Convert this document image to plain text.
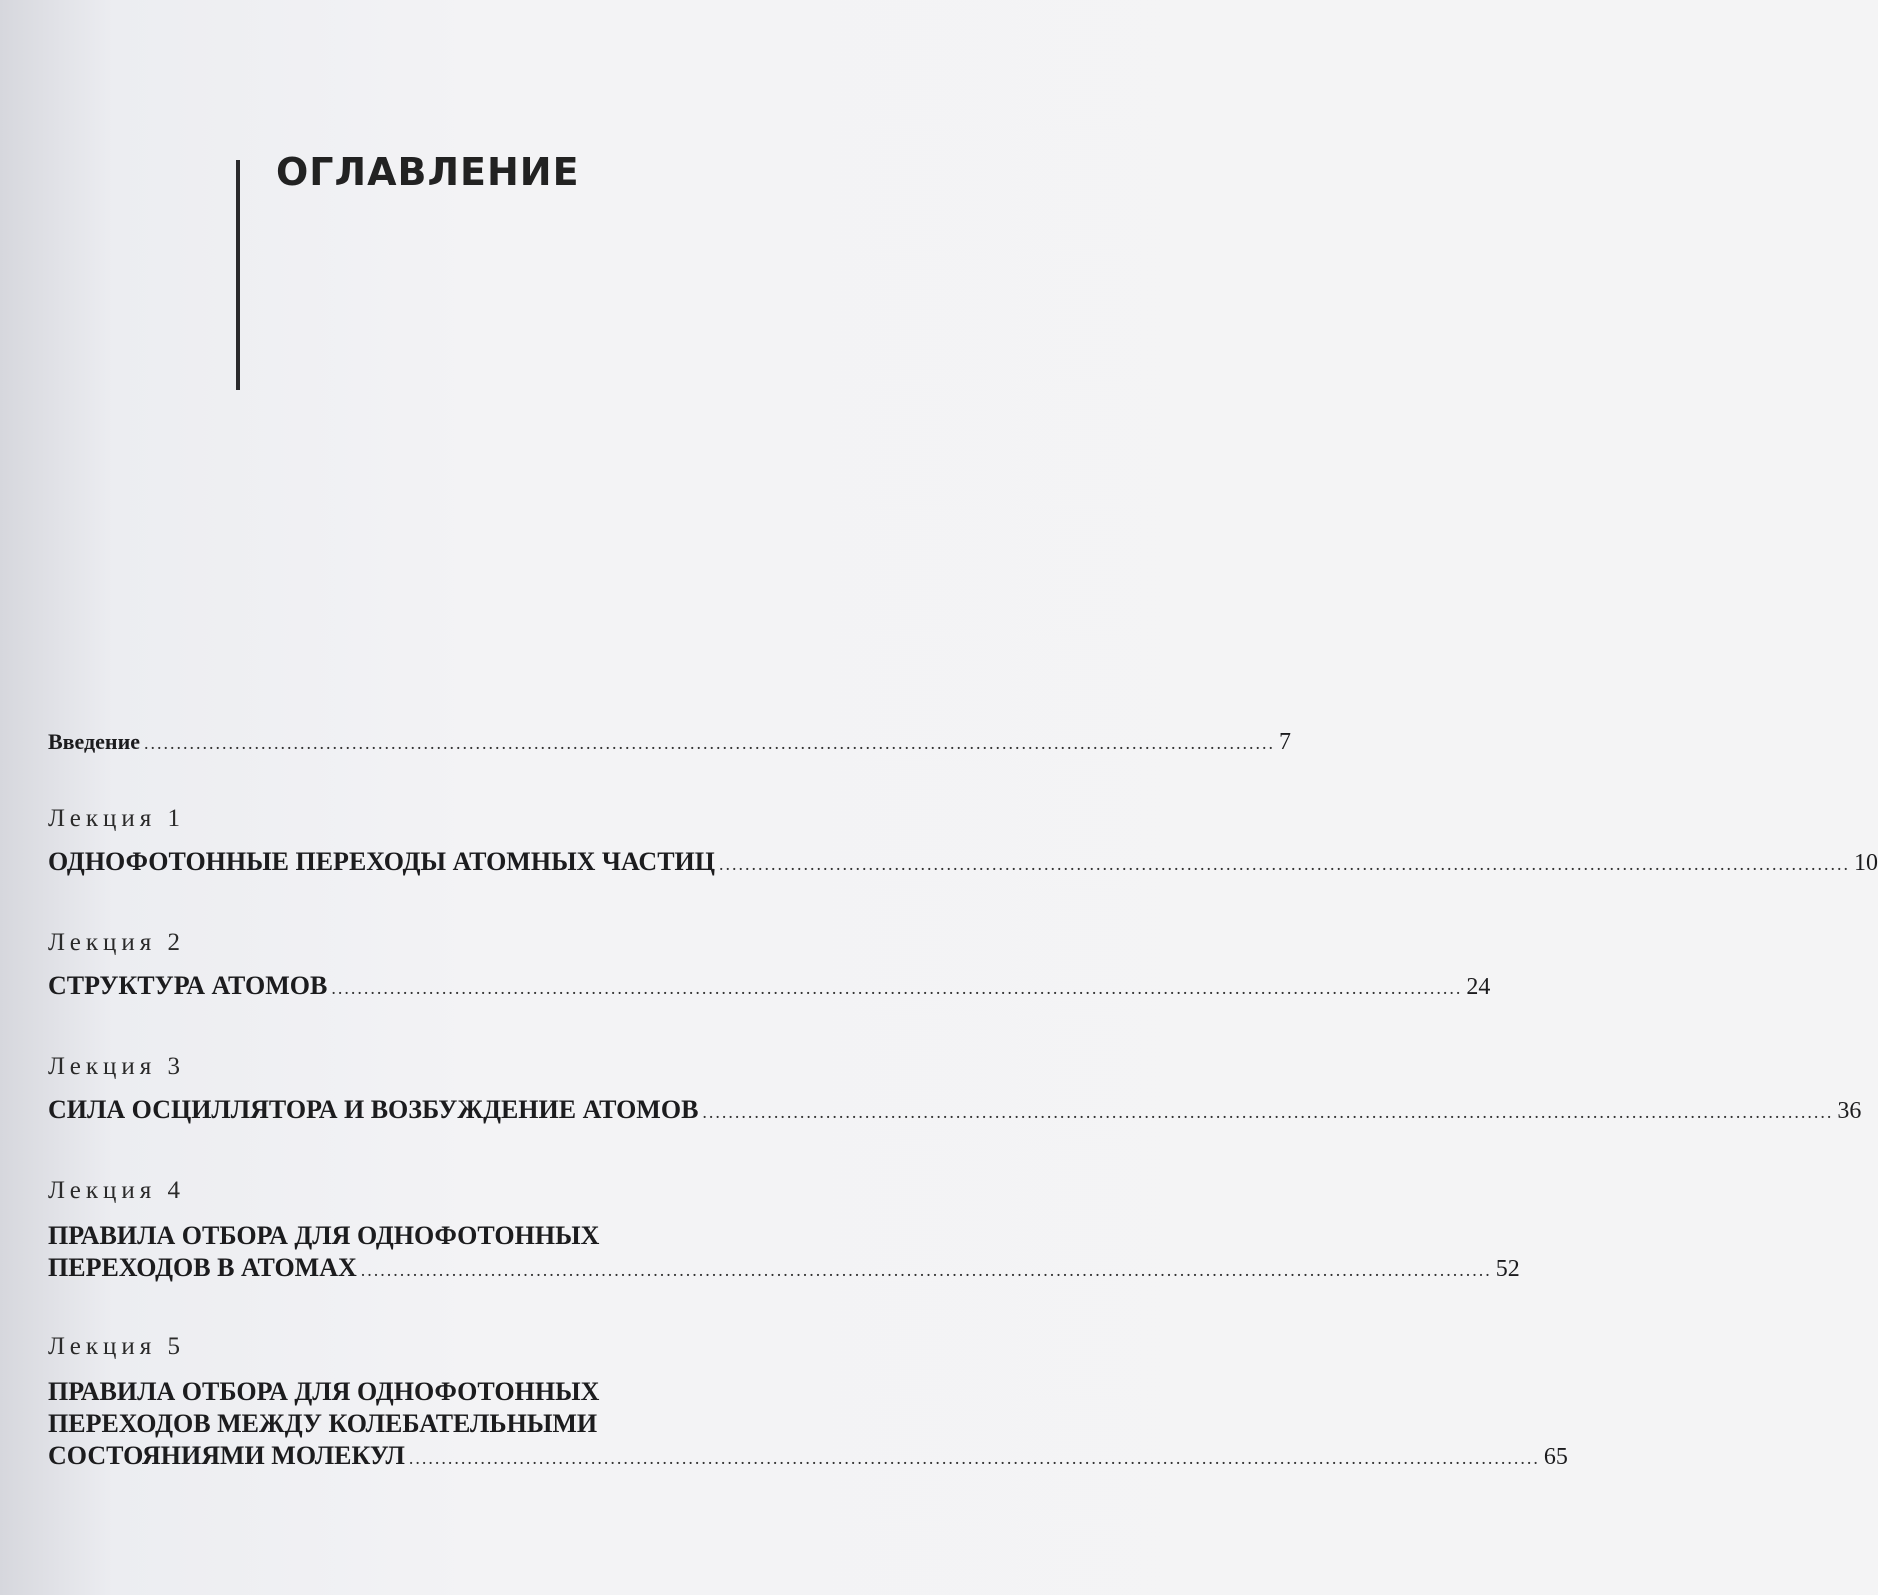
ОГЛАВЛЕНИЕ
Введение .............................................................................................................................................................................. 7
Лекция 1
ОДНОФОТОННЫЕ ПЕРЕХОДЫ АТОМНЫХ ЧАСТИЦ .............................................................................................................................................................................. 10
Лекция 2
СТРУКТУРА АТОМОВ .............................................................................................................................................................................. 24
Лекция 3
СИЛА ОСЦИЛЛЯТОРА И ВОЗБУЖДЕНИЕ АТОМОВ .............................................................................................................................................................................. 36
Лекция 4
ПРАВИЛА ОТБОРА ДЛЯ ОДНОФОТОННЫХ
ПЕРЕХОДОВ В АТОМАХ .............................................................................................................................................................................. 52
Лекция 5
ПРАВИЛА ОТБОРА ДЛЯ ОДНОФОТОННЫХ
ПЕРЕХОДОВ МЕЖДУ КОЛЕБАТЕЛЬНЫМИ
СОСТОЯНИЯМИ МОЛЕКУЛ .............................................................................................................................................................................. 65
